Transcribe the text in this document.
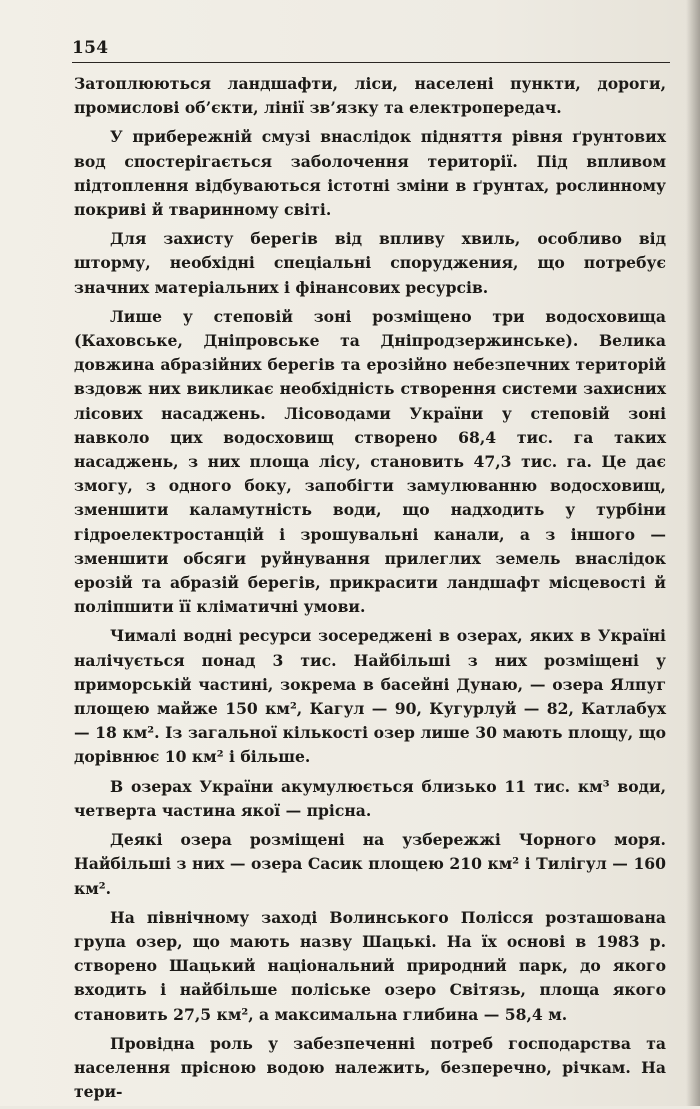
154

Затоплюються ландшафти, ліси, населені пункти, дороги, промислові об’єкти, лінії зв’язку та електропередач.

У прибережній смузі внаслідок підняття рівня ґрунтових вод спостерігається заболочення території. Під впливом підтоплення відбуваються істотні зміни в ґрунтах, рослинному покриві й тваринному світі.

Для захисту берегів від впливу хвиль, особливо від шторму, необхідні спеціальні споруджения, що потребує значних матеріальних і фінансових ресурсів.

Лише у степовій зоні розміщено три водосховища (Каховське, Дніпровське та Дніпродзержинське). Велика довжина абразійних берегів та ерозійно небезпечних територій вздовж них викликає необхідність створення системи захисних лісових насаджень. Лісоводами України у степовій зоні навколо цих водосховищ створено 68,4 тис. га таких насаджень, з них площа лісу, становить 47,3 тис. га. Це дає змогу, з одного боку, запобігти замулюванню водосховищ, зменшити каламутність води, що надходить у турбіни гідроелектростанцій і зрошувальні канали, а з іншого — зменшити обсяги руйнування прилеглих земель внаслідок ерозій та абразій берегів, прикрасити ландшафт місцевості й поліпшити її кліматичні умови.

Чималі водні ресурси зосереджені в озерах, яких в Україні налічується понад 3 тис. Найбільші з них розміщені у приморській частині, зокрема в басейні Дунаю, — озера Ялпуг площею майже 150 км², Кагул — 90, Кугурлуй — 82, Катлабух — 18 км². Із загальної кількості озер лише 30 мають площу, що дорівнює 10 км² і більше.

В озерах України акумулюється близько 11 тис. км³ води, четверта частина якої — прісна.

Деякі озера розміщені на узбережжі Чорного моря. Найбільші з них — озера Сасик площею 210 км² і Тилігул — 160 км².

На північному заході Волинського Полісся розташована група озер, що мають назву Шацькі. На їх основі в 1983 р. створено Шацький національний природний парк, до якого входить і найбільше поліське озеро Світязь, площа якого становить 27,5 км², а максимальна глибина — 58,4 м.

Провідна роль у забезпеченні потреб господарства та населення прісною водою належить, безперечно, річкам. На тери-
